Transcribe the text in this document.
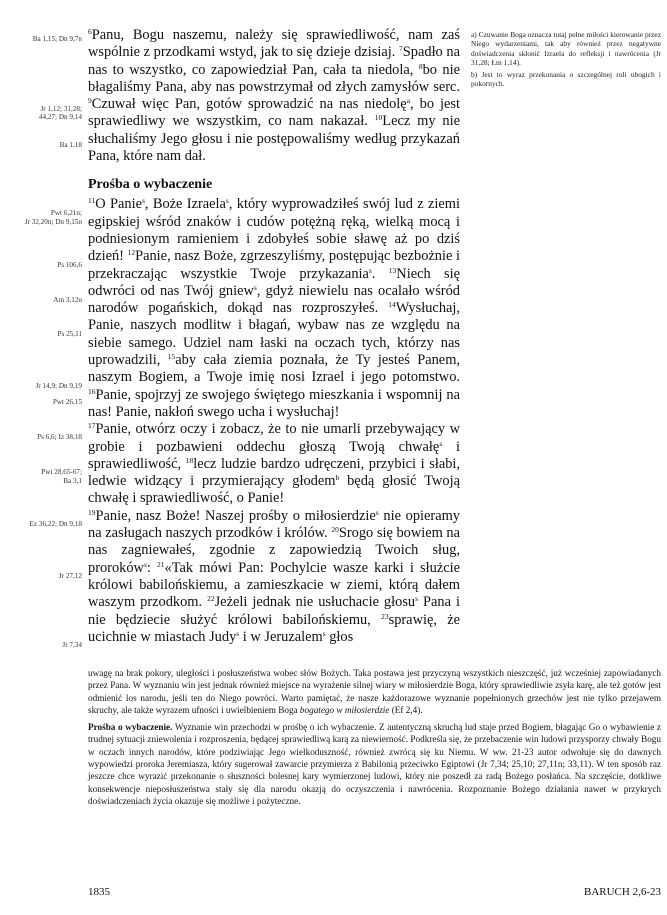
Ba 1,15; Dn 9,7n
Jr 1,12; 31,28;
44,27; Dn 9,14
Ba 1,18
Pwt 6,21n;
Jr 32,20n; Dn 9,15n
Ps 106,6
Am 3,12n
Ps 25,11
Jr 14,9; Dn 9,19
Pwt 26,15
Ps 6,6; Iz 38,18
Pwt 28,65-67;
Ba 3,1
Ez 36,22; Dn 9,18
Jr 27,12
Jr 7,34

$^6$Panu, Bogu naszemu, należy się sprawiedliwość, nam zaś wspólnie z przodkami wstyd, jak to się dzieje dzisiaj. $^7$Spadło na nas to wszystko, co zapowiedział Pan, cała ta niedola, $^8$bo nie błagaliśmy Pana, aby nas powstrzymał od złych zamysłów serc. $^9$Czuwał więc Pan, gotów sprowadzić na nas niedolę$^a$, bo jest sprawiedliwy we wszystkim, co nam nakazał. $^{10}$Lecz my nie słuchaliśmy Jego głosu i nie postępowaliśmy według przykazań Pana, które nam dał.

Prośba o wybaczenie

$^{11}$O Panie$^s$, Boże Izraela$^s$, który wyprowadziłeś swój lud z ziemi egipskiej wśród znaków i cudów potężną ręką, wielką mocą i podniesionym ramieniem i zdobyłeś sobie sławę aż po dziś dzień! $^{12}$Panie, nasz Boże, zgrzeszyliśmy, postępując bezbożnie i przekraczając wszystkie Twoje przykazania$^s$. $^{13}$Niech się odwróci od nas Twój gniew$^s$, gdyż niewielu nas ocalało wśród narodów pogańskich, dokąd nas rozproszyłeś. $^{14}$Wysłuchaj, Panie, naszych modlitw i błagań, wybaw nas ze względu na siebie samego. Udziel nam łaski na oczach tych, którzy nas uprowadzili, $^{15}$aby cała ziemia poznała, że Ty jesteś Panem, naszym Bogiem, a Twoje imię nosi Izrael i jego potomstwo. $^{16}$Panie, spojrzyj ze swojego świętego mieszkania i wspomnij na nas! Panie, nakłoń swego ucha i wysłuchaj!

$^{17}$Panie, otwórz oczy i zobacz, że to nie umarli przebywający w grobie i pozbawieni oddechu głoszą Twoją chwałę$^s$ i sprawiedliwość, $^{18}$lecz ludzie bardzo udręczeni, przybici i słabi, ledwie widzący i przymierający głodem$^b$ będą głosić Twoją chwałę i sprawiedliwość, o Panie!

$^{19}$Panie, nasz Boże! Naszej prośby o miłosierdzie$^s$ nie opieramy na zasługach naszych przodków i królów. $^{20}$Srogo się bowiem na nas zagniewałeś, zgodnie z zapowiedzią Twoich sług, proroków$^s$: $^{21}$«Tak mówi Pan: Pochylcie wasze karki i służcie królowi babilońskiemu, a zamieszkacie w ziemi, którą dałem waszym przodkom. $^{22}$Jeżeli jednak nie usłuchacie głosu$^s$ Pana i nie będziecie służyć królowi babilońskiemu, $^{23}$sprawię, że ucichnie w miastach Judy$^s$ i w Jeruzalem$^s$ głos

a) Czuwanie Boga oznacza tutaj pełne miłości kierowanie przez Niego wydarzeniami, tak aby również przez negatywne doświadczenia skłonić Izraela do refleksji i nawrócenia (Jr 31,28; Łm 1,14).

b) Jest to wyraz przekonania o szczególnej roli ubogich i pokornych.

uwagę na brak pokory, uległości i posłuszeństwa wobec słów Bożych. Taka postawa jest przyczyną wszystkich nieszczęść, już wcześniej zapowiadanych przez Pana. W wyznaniu win jest jednak również miejsce na wyrażenie silnej wiary w miłosierdzie Boga, który sprawiedliwie zsyła karę, ale też gotów jest odmienić los narodu, jeśli ten do Niego powróci. Warto pamiętać, że nasze każdorazowe wyznanie popełnionych grzechów jest nie tylko przejawem skruchy, ale także wyrazem ufności i uwielbieniem Boga bogatego w miłosierdzie (Ef 2,4).

Prośba o wybaczenie. Wyznanie win przechodzi w prośbę o ich wybaczenie. Z autentyczną skruchą lud staje przed Bogiem, błagając Go o wybawienie z trudnej sytuacji zniewolenia i rozproszenia, będącej sprawiedliwą karą za niewierność. Podkreśla się, że przebaczenie win ludowi przysporzy chwały Bogu w oczach innych narodów, które podziwiając Jego wielkoduszność, również zwrócą się ku Niemu. W ww. 21-23 autor odwołuje się do dawnych wypowiedzi proroka Jeremiasza, który sugerował zawarcie przymierza z Babilonią przeciwko Egiptowi (Jr 7,34; 25,10; 27,11n; 33,11). W ten sposób raz jeszcze chce wyrazić przekonanie o słuszności bolesnej kary wymierzonej ludowi, który nie poszedł za radą Bożego posłańca. Na szczęście, dotkliwe konsekwencje nieposłuszeństwa stały się dla narodu okazją do oczyszczenia i nawrócenia. Rozpoznanie Bożego działania nawet w przykrych doświadczeniach życia okazuje się możliwe i pożyteczne.

1835	BARUCH 2,6-23
